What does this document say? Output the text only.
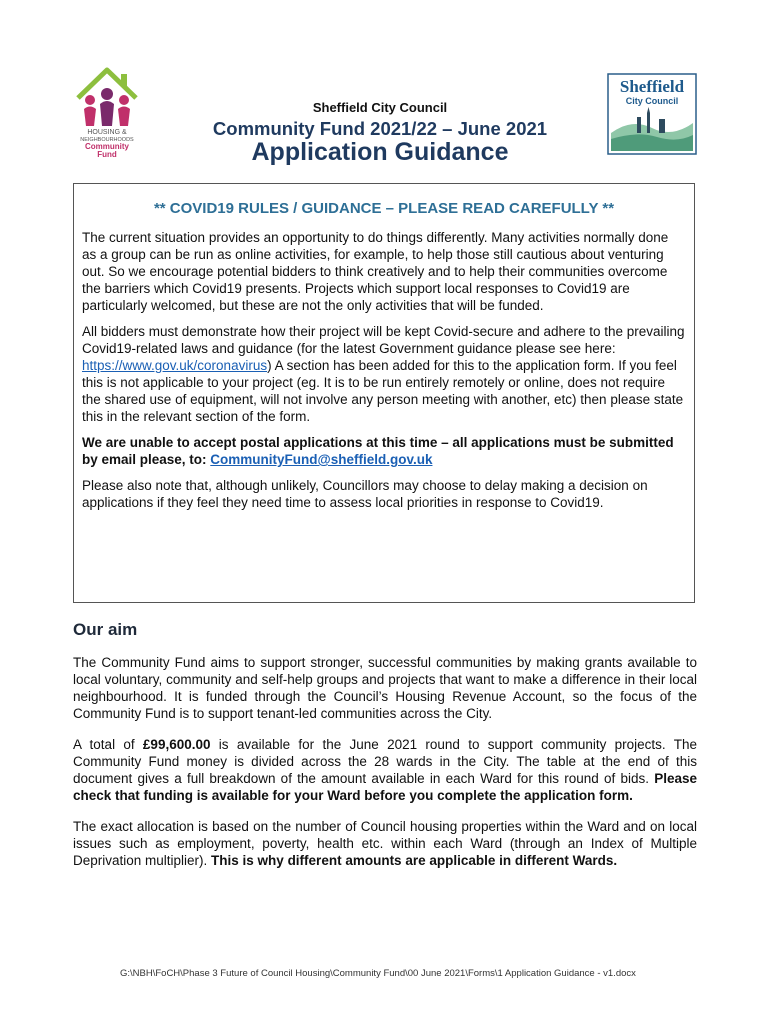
HOUSING &
NEIGHBOURHOODS
Community
Fund
Sheffield
City Council
Sheffield City Council
Community Fund 2021/22 – June 2021
Application Guidance
** COVID19 RULES / GUIDANCE – PLEASE READ CAREFULLY **

The current situation provides an opportunity to do things differently. Many activities normally done as a group can be run as online activities, for example, to help those still cautious about venturing out. So we encourage potential bidders to think creatively and to help their communities overcome the barriers which Covid19 presents. Projects which support local responses to Covid19 are particularly welcomed, but these are not the only activities that will be funded.

All bidders must demonstrate how their project will be kept Covid-secure and adhere to the prevailing Covid19-related laws and guidance (for the latest Government guidance please see here: https://www.gov.uk/coronavirus) A section has been added for this to the application form. If you feel this is not applicable to your project (eg. It is to be run entirely remotely or online, does not require the shared use of equipment, will not involve any person meeting with another, etc) then please state this in the relevant section of the form.

We are unable to accept postal applications at this time – all applications must be submitted by email please, to: CommunityFund@sheffield.gov.uk

Please also note that, although unlikely, Councillors may choose to delay making a decision on applications if they feel they need time to assess local priorities in response to Covid19.

Our aim

The Community Fund aims to support stronger, successful communities by making grants available to local voluntary, community and self-help groups and projects that want to make a difference in their local neighbourhood. It is funded through the Council’s Housing Revenue Account, so the focus of the Community Fund is to support tenant-led communities across the City.

A total of £99,600.00 is available for the June 2021 round to support community projects. The Community Fund money is divided across the 28 wards in the City. The table at the end of this document gives a full breakdown of the amount available in each Ward for this round of bids. Please check that funding is available for your Ward before you complete the application form.

The exact allocation is based on the number of Council housing properties within the Ward and on local issues such as employment, poverty, health etc. within each Ward (through an Index of Multiple Deprivation multiplier). This is why different amounts are applicable in different Wards.

G:\NBH\FoCH\Phase 3 Future of Council Housing\Community Fund\00 June 2021\Forms\1 Application Guidance - v1.docx
